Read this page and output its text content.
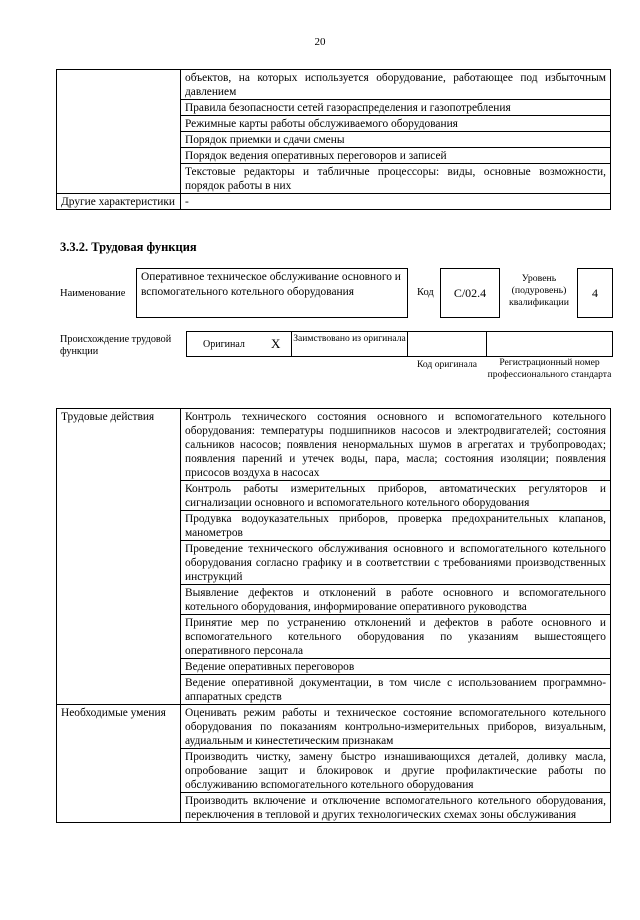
20
	объектов, на которых используется оборудование, работающее под избыточным давлением
	Правила безопасности сетей газораспределения и газопотребления
	Режимные карты работы обслуживаемого оборудования
	Порядок приемки и сдачи смены
	Порядок ведения оперативных переговоров и записей
	Текстовые редакторы и табличные процессоры: виды, основные возможности, порядок работы в них
Другие характеристики	-
3.3.2. Трудовая функция
Наименование
Оперативное техническое обслуживание основного и вспомогательного котельного оборудования	Код	C/02.4
Уровень (подуровень) квалификации
4
Происхождение трудовой функции
Оригинал X Заимствовано из оригинала
Код оригинала	Регистрационный номер профессионального стандарта
Трудовые действия	Контроль технического состояния основного и вспомогательного котельного оборудования: температуры подшипников насосов и электродвигателей; состояния сальников насосов; появления ненормальных шумов в агрегатах и трубопроводах; появления парений и утечек воды, пара, масла; состояния изоляции; появления присосов воздуха в насосах
	Контроль работы измерительных приборов, автоматических регуляторов и сигнализации основного и вспомогательного котельного оборудования
	Продувка водоуказательных приборов, проверка предохранительных клапанов, манометров
	Проведение технического обслуживания основного и вспомогательного котельного оборудования согласно графику и в соответствии с требованиями производственных инструкций
	Выявление дефектов и отклонений в работе основного и вспомогательного котельного оборудования, информирование оперативного руководства
	Принятие мер по устранению отклонений и дефектов в работе основного и вспомогательного котельного оборудования по указаниям вышестоящего оперативного персонала
	Ведение оперативных переговоров
	Ведение оперативной документации, в том числе с использованием программно-аппаратных средств
Необходимые умения	Оценивать режим работы и техническое состояние вспомогательного котельного оборудования по показаниям контрольно-измерительных приборов, визуальным, аудиальным и кинестетическим признакам
	Производить чистку, замену быстро изнашивающихся деталей, доливку масла, опробование защит и блокировок и другие профилактические работы по обслуживанию вспомогательного котельного оборудования
	Производить включение и отключение вспомогательного котельного оборудования, переключения в тепловой и других технологических схемах зоны обслуживания
